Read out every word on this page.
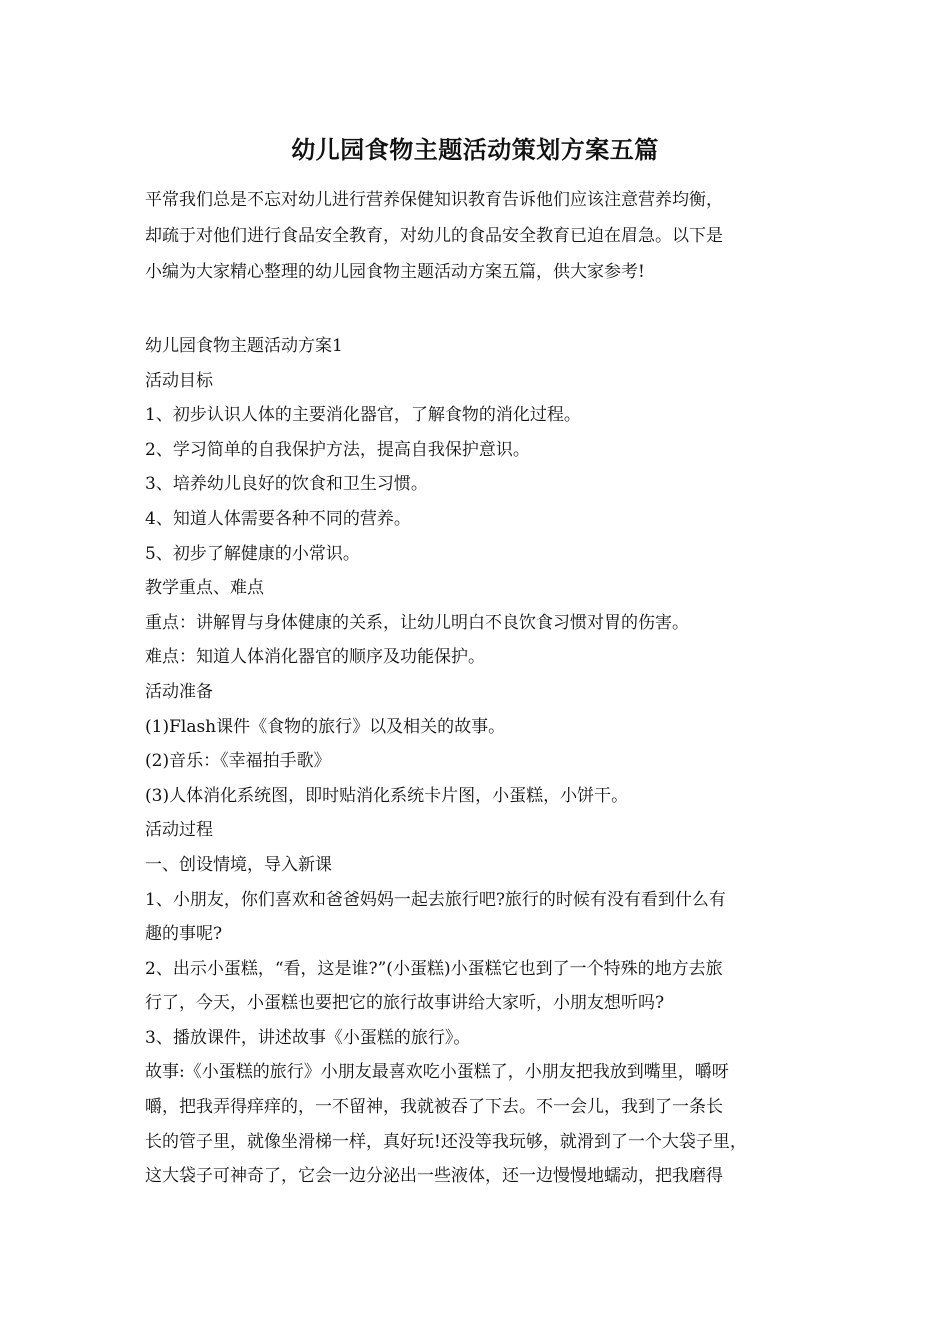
幼儿园食物主题活动策划方案五篇

平常我们总是不忘对幼儿进行营养保健知识教育告诉他们应该注意营养均衡，
却疏于对他们进行食品安全教育，对幼儿的食品安全教育已迫在眉急。以下是
小编为大家精心整理的幼儿园食物主题活动方案五篇，供大家参考!

幼儿园食物主题活动方案1
活动目标
1、初步认识人体的主要消化器官，了解食物的消化过程。
2、学习简单的自我保护方法，提高自我保护意识。
3、培养幼儿良好的饮食和卫生习惯。
4、知道人体需要各种不同的营养。
5、初步了解健康的小常识。
教学重点、难点
重点：讲解胃与身体健康的关系，让幼儿明白不良饮食习惯对胃的伤害。
难点：知道人体消化器官的顺序及功能保护。
活动准备
(1)Flash课件《食物的旅行》以及相关的故事。
(2)音乐：《幸福拍手歌》
(3)人体消化系统图，即时贴消化系统卡片图，小蛋糕，小饼干。
活动过程
一、创设情境，导入新课
1、小朋友，你们喜欢和爸爸妈妈一起去旅行吧?旅行的时候有没有看到什么有
趣的事呢?
2、出示小蛋糕，“看，这是谁?”(小蛋糕)小蛋糕它也到了一个特殊的地方去旅
行了，今天，小蛋糕也要把它的旅行故事讲给大家听，小朋友想听吗?
3、播放课件，讲述故事《小蛋糕的旅行》。
故事:《小蛋糕的旅行》小朋友最喜欢吃小蛋糕了，小朋友把我放到嘴里，嚼呀
嚼，把我弄得痒痒的，一不留神，我就被吞了下去。不一会儿，我到了一条长
长的管子里，就像坐滑梯一样，真好玩!还没等我玩够，就滑到了一个大袋子里，
这大袋子可神奇了，它会一边分泌出一些液体，还一边慢慢地蠕动，把我磨得
